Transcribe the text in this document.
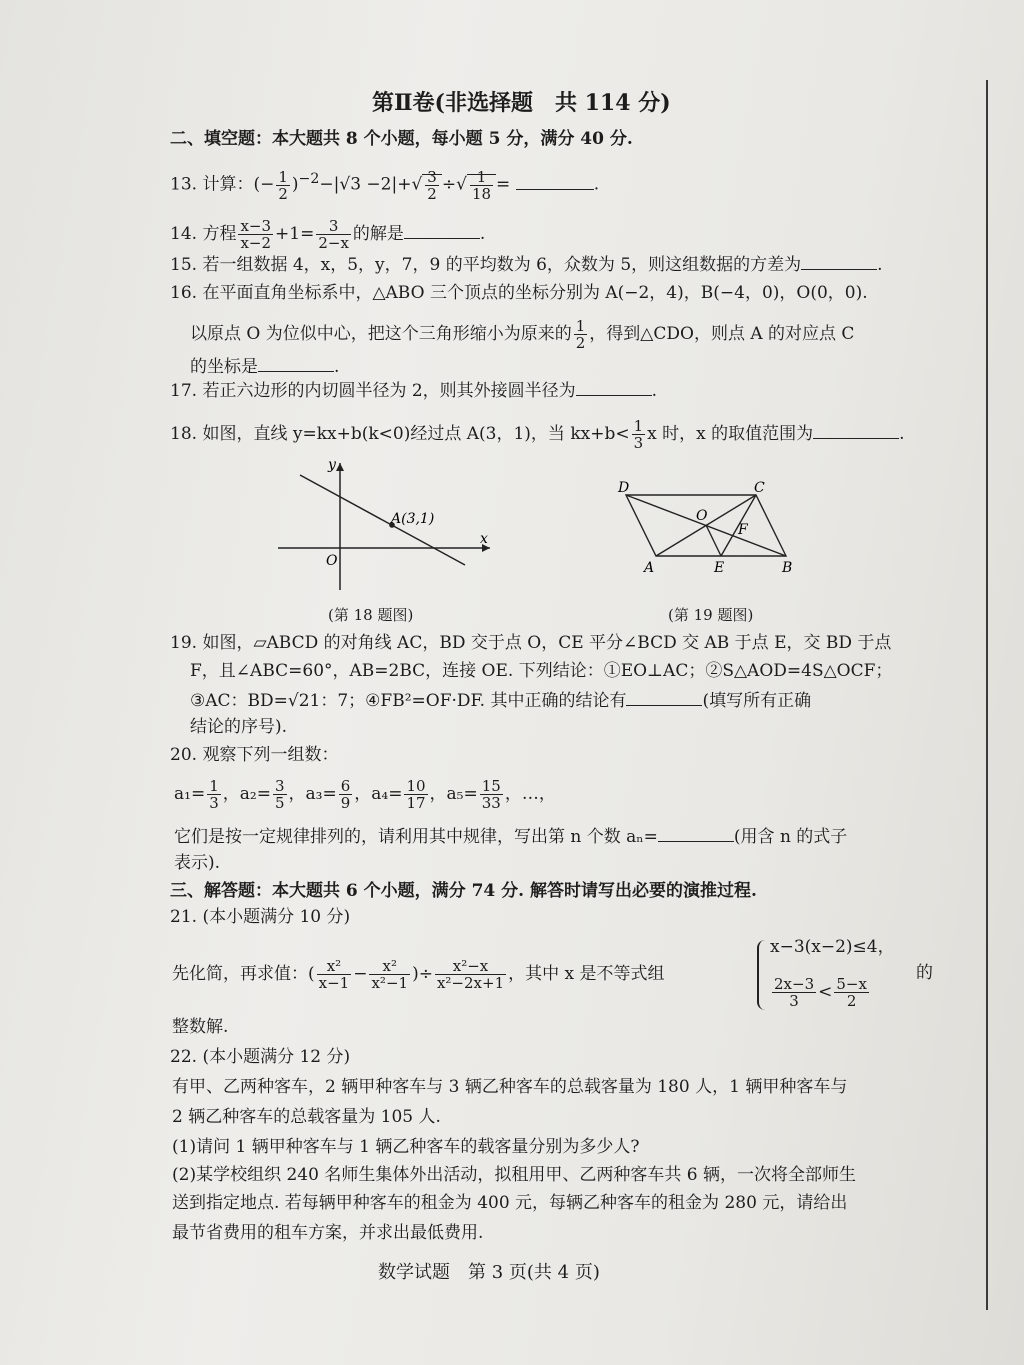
第Ⅱ卷(非选择题　共 114 分)
二、填空题：本大题共 8 个小题，每小题 5 分，满分 40 分.
13. 计算：(− $\frac{1}{2} )^{-2}-|√3 -2|+√ \frac{3}{2}$ ÷√ $\frac{1}{18}$ =	.
14. 方程 $\frac{x-3}{x-2} +1= \frac{3}{2-x}$ 的解是	.
15. 若一组数据 4，x，5，y，7，9 的平均数为 6，众数为 5，则这组数据的方差为	.
16. 在平面直角坐标系中，△ABO 三个顶点的坐标分别为 A(−2，4)，B(−4，0)，O(0，0).
以原点 O 为位似中心，把这个三角形缩小为原来的 $\frac{1}{2}$ ，得到△CDO，则点 A 的对应点 C
的坐标是	.
17. 若正六边形的内切圆半径为 2，则其外接圆半径为	.
18. 如图，直线 y=kx+b(k<0)经过点 A(3，1)，当 $kx+b< \frac{1}{3}$ x 时，x 的取值范围为	.
y
x
O
A(3,1)
(第 18 题图)
D	C
O
F
A	E	B
(第 19 题图)
19. 如图，▱ABCD 的对角线 AC，BD 交于点 O，CE 平分∠BCD 交 AB 于点 E，交 BD 于点
F，且∠ABC=60°，AB=2BC，连接 OE. 下列结论：①EO⊥AC；②S△AOD=4S△OCF；
③AC：BD=√21：7；④FB²=OF·DF. 其中正确的结论有	(填写所有正确
结论的序号).
20. 观察下列一组数：
$a_1= \frac{1}{3}$ ，$a_2= \frac{3}{5}$ ，$a_3= \frac{6}{9}$ ，$a_4= \frac{10}{17}$ ，$a_5= \frac{15}{33}$ ，…，
它们是按一定规律排列的，请利用其中规律，写出第 n 个数 aₙ=	(用含 n 的式子
表示).
三、解答题：本大题共 6 个小题，满分 74 分. 解答时请写出必要的演推过程.
21. (本小题满分 10 分)
先化简，再求值：( $\frac{\text{x²}}{x-1} - \frac{\text{x²}}{\text{x²−1}}$ )÷ $\frac{\text{x²−x}}{\text{x²−2x+1}}$ ，其中 x 是不等式组
x−3(x−2)≤4，
$\frac{2x-3}{3} < \frac{5-x}{2}$
的
整数解.
22. (本小题满分 12 分)
有甲、乙两种客车，2 辆甲种客车与 3 辆乙种客车的总载客量为 180 人，1 辆甲种客车与
2 辆乙种客车的总载客量为 105 人.
(1)请问 1 辆甲种客车与 1 辆乙种客车的载客量分别为多少人?
(2)某学校组织 240 名师生集体外出活动，拟租用甲、乙两种客车共 6 辆，一次将全部师生
送到指定地点. 若每辆甲种客车的租金为 400 元，每辆乙种客车的租金为 280 元，请给出
最节省费用的租车方案，并求出最低费用.
数学试题　第 3 页(共 4 页)
